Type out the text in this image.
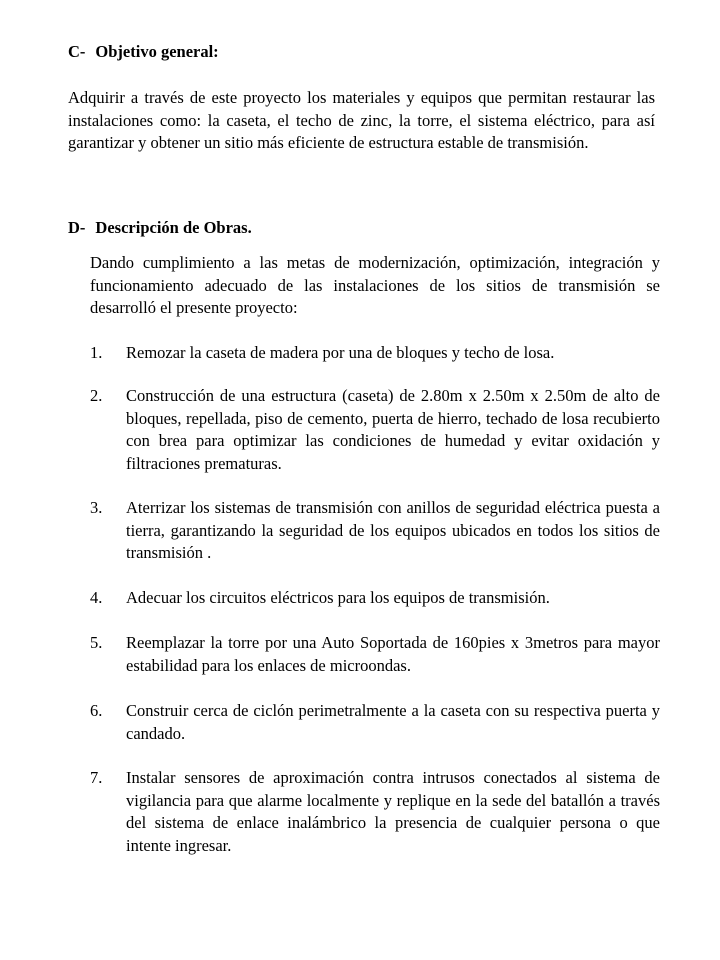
C- Objetivo general:
Adquirir a través de este proyecto los materiales y equipos que permitan restaurar las instalaciones como: la caseta, el techo de zinc, la torre, el sistema eléctrico, para así garantizar y obtener un sitio más eficiente de estructura estable de transmisión.
D- Descripción de Obras.
Dando cumplimiento a las metas de modernización, optimización, integración y funcionamiento adecuado de las instalaciones de los sitios de transmisión se desarrolló el presente proyecto:
1. Remozar la caseta de madera por una de bloques y techo de losa.
2. Construcción de una estructura (caseta) de 2.80m x 2.50m x 2.50m de alto de bloques, repellada, piso de cemento, puerta de hierro, techado de losa recubierto con brea para optimizar las condiciones de humedad y evitar oxidación y filtraciones prematuras.
3. Aterrizar los sistemas de transmisión con anillos de seguridad eléctrica puesta a tierra, garantizando la seguridad de los equipos ubicados en todos los sitios de transmisión .
4. Adecuar los circuitos eléctricos para los equipos de transmisión.
5. Reemplazar la torre por una Auto Soportada de 160pies x 3metros para mayor estabilidad para los enlaces de microondas.
6. Construir cerca de ciclón perimetralmente a la caseta con su respectiva puerta y candado.
7. Instalar sensores de aproximación contra intrusos conectados al sistema de vigilancia para que alarme localmente y replique en la sede del batallón a través del sistema de enlace inalámbrico la presencia de cualquier persona o que intente ingresar.
